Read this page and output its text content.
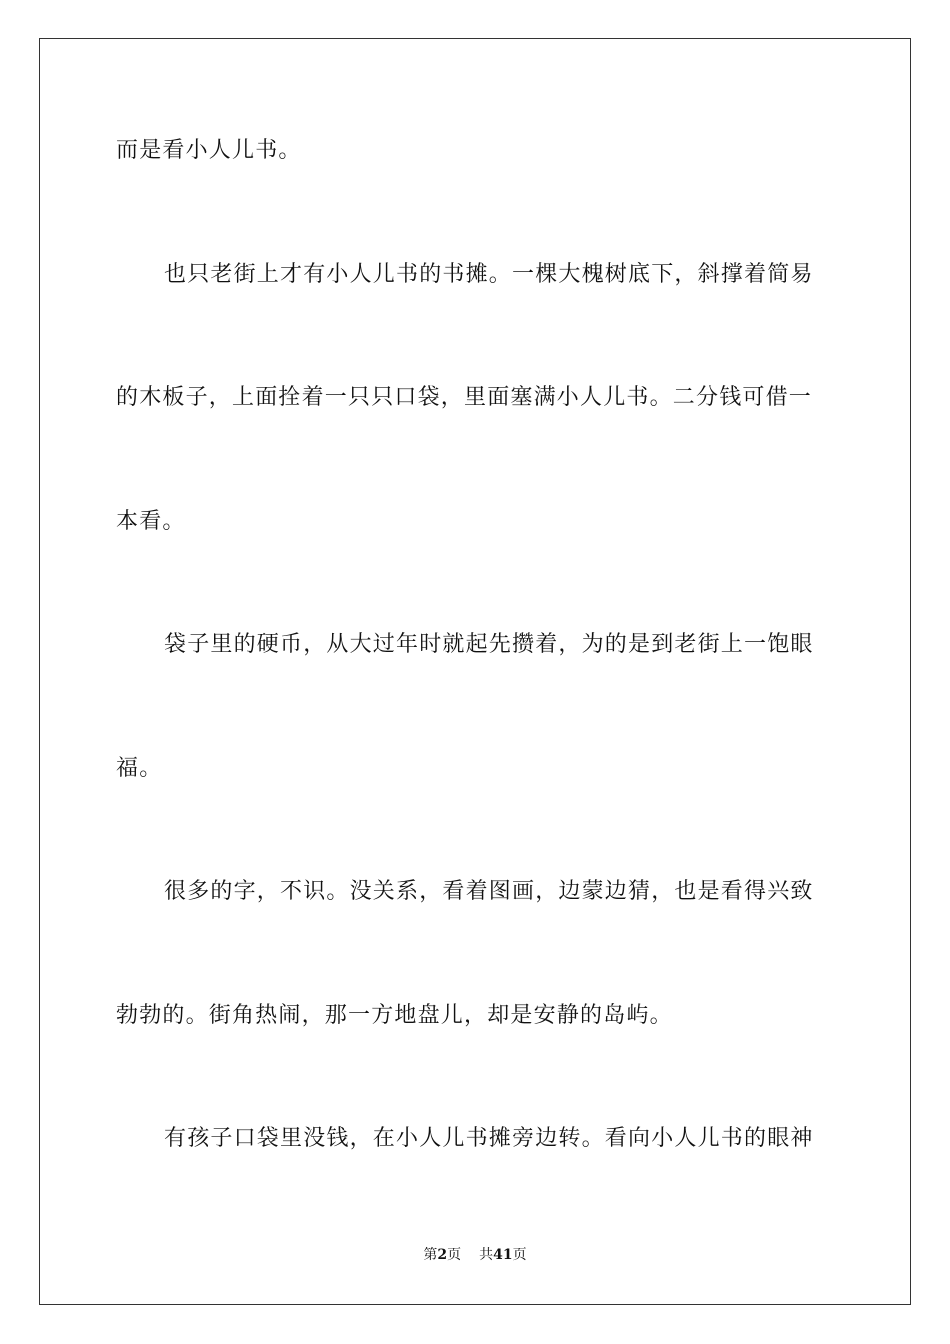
而是看小人儿书。
也只老街上才有小人儿书的书摊。一棵大槐树底下，斜撑着简易
的木板子，上面拴着一只只口袋，里面塞满小人儿书。二分钱可借一
本看。
袋子里的硬币，从大过年时就起先攒着，为的是到老街上一饱眼
福。
很多的字，不识。没关系，看着图画，边蒙边猜，也是看得兴致
勃勃的。街角热闹，那一方地盘儿，却是安静的岛屿。
有孩子口袋里没钱，在小人儿书摊旁边转。看向小人儿书的眼神
第2页 共41页
